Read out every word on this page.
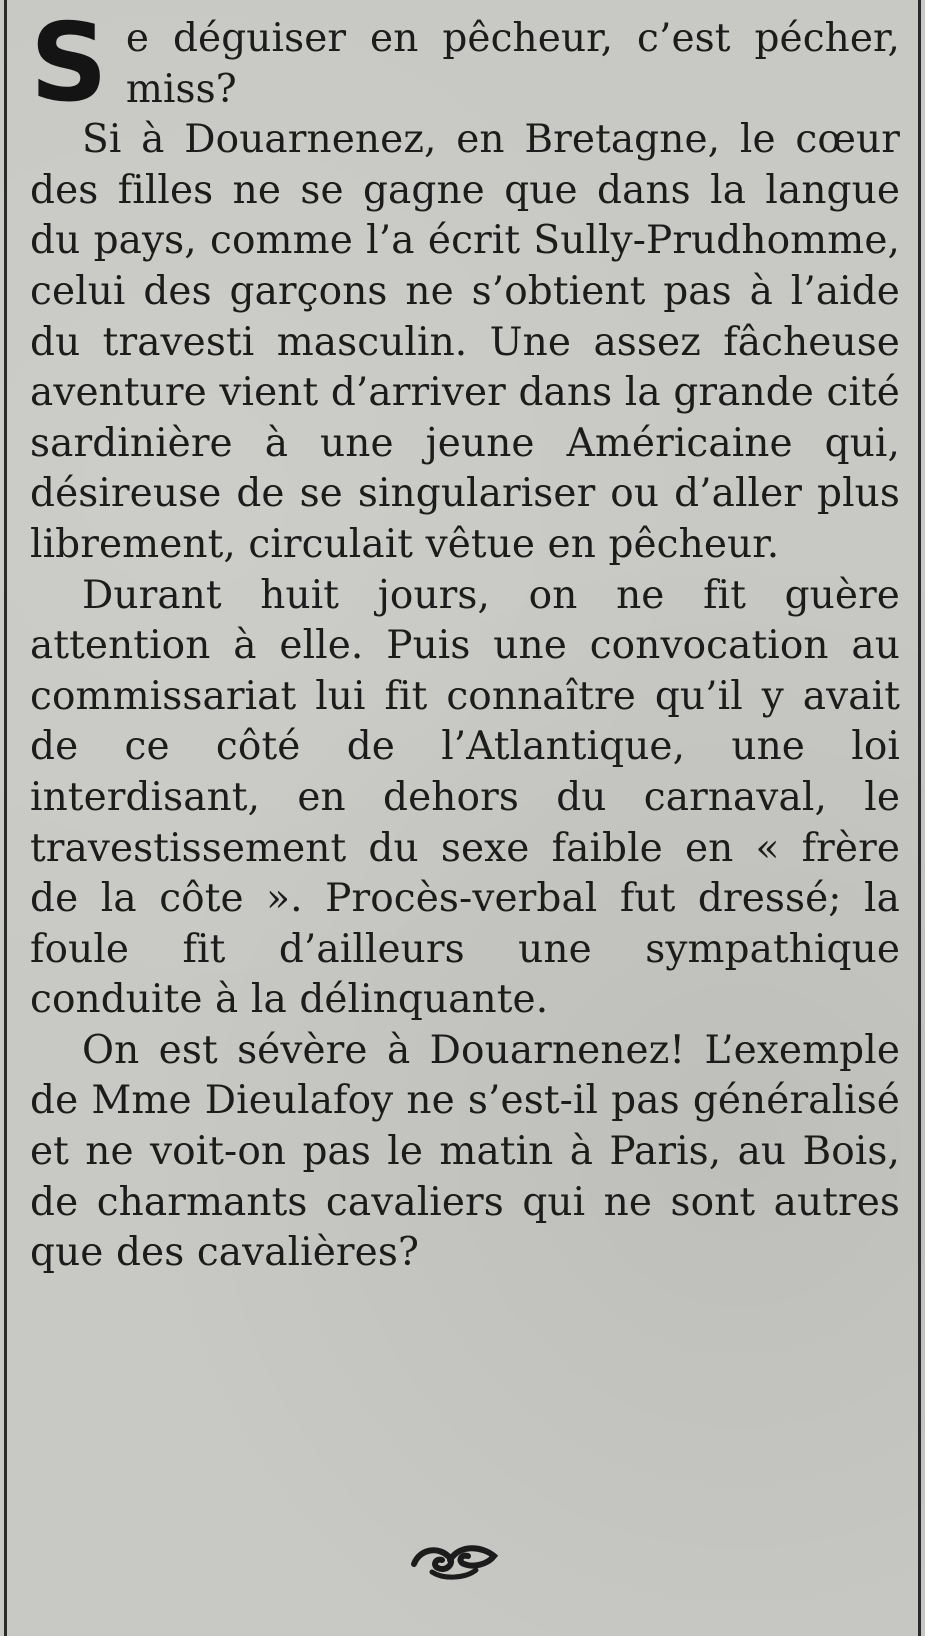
Se déguiser en pêcheur, c’est pécher, miss?

Si à Douarnenez, en Bretagne, le cœur des filles ne se gagne que dans la langue du pays, comme l’a écrit Sully-Prudhomme, celui des garçons ne s’obtient pas à l’aide du travesti masculin. Une assez fâcheuse aventure vient d’arriver dans la grande cité sardinière à une jeune Américaine qui, désireuse de se singulariser ou d’aller plus librement, circulait vêtue en pêcheur.

Durant huit jours, on ne fit guère attention à elle. Puis une convocation au commissariat lui fit connaître qu’il y avait de ce côté de l’Atlantique, une loi interdisant, en dehors du carnaval, le travestissement du sexe faible en « frère de la côte ». Procès-verbal fut dressé; la foule fit d’ailleurs une sympathique conduite à la délinquante.

On est sévère à Douarnenez! L’exemple de Mme Dieulafoy ne s’est-il pas généralisé et ne voit-on pas le matin à Paris, au Bois, de charmants cavaliers qui ne sont autres que des cavalières?
